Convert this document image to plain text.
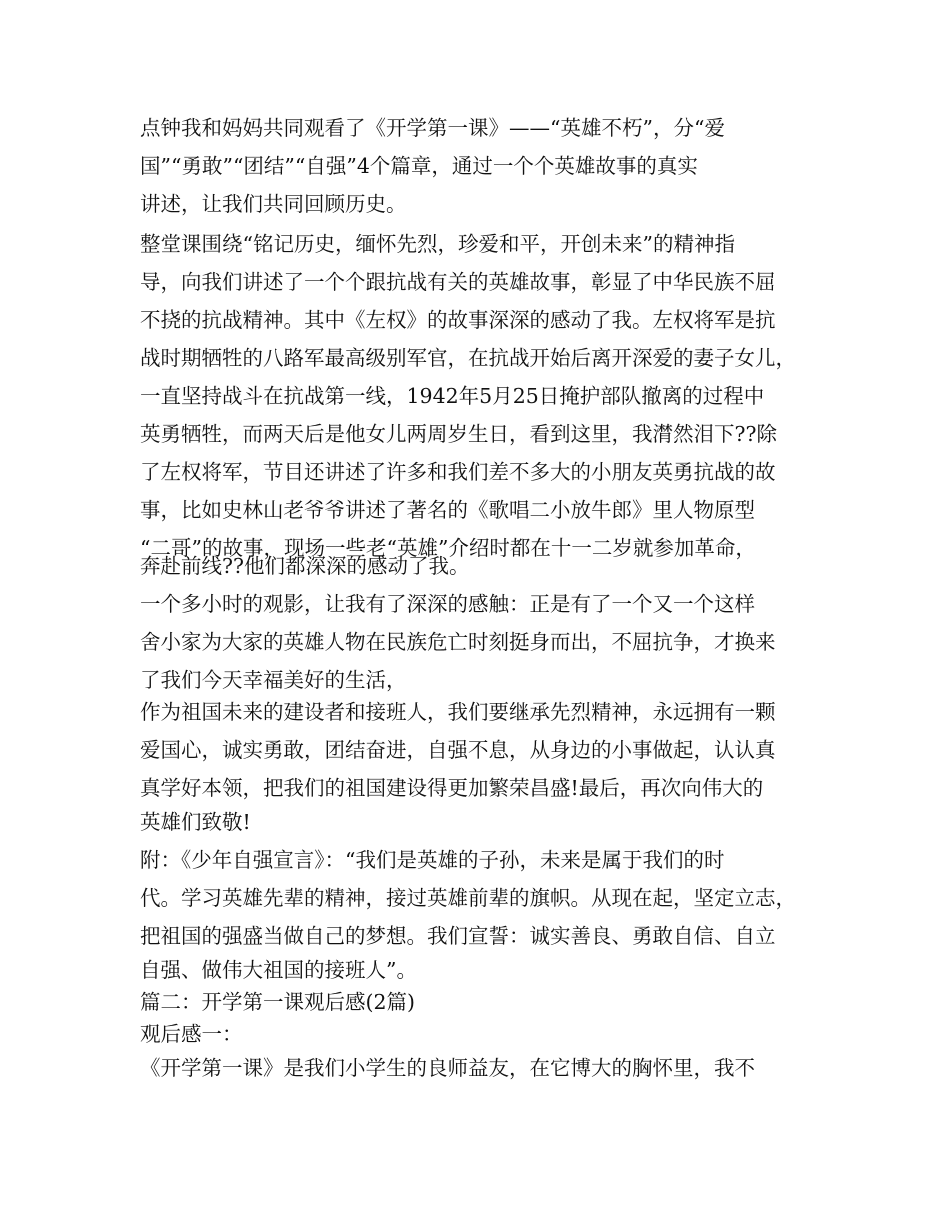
点钟我和妈妈共同观看了《开学第一课》——“英雄不朽”，分“爱

国”“勇敢”“团结”“自强”4个篇章，通过一个个英雄故事的真实

讲述，让我们共同回顾历史。

整堂课围绕“铭记历史，缅怀先烈，珍爱和平，开创未来”的精神指

导，向我们讲述了一个个跟抗战有关的英雄故事，彰显了中华民族不屈

不挠的抗战精神。其中《左权》的故事深深的感动了我。左权将军是抗

战时期牺牲的八路军最高级别军官，在抗战开始后离开深爱的妻子女儿，

一直坚持战斗在抗战第一线，1942年5月25日掩护部队撤离的过程中

英勇牺牲，而两天后是他女儿两周岁生日，看到这里，我潸然泪下??除

了左权将军，节目还讲述了许多和我们差不多大的小朋友英勇抗战的故

事，比如史林山老爷爷讲述了著名的《歌唱二小放牛郎》里人物原型

“二哥”的故事，现场一些老“英雄”介绍时都在十一二岁就参加革命，

奔赴前线??他们都深深的感动了我。

一个多小时的观影，让我有了深深的感触：正是有了一个又一个这样

舍小家为大家的英雄人物在民族危亡时刻挺身而出，不屈抗争，才换来

了我们今天幸福美好的生活，

作为祖国未来的建设者和接班人，我们要继承先烈精神，永远拥有一颗

爱国心，诚实勇敢，团结奋进，自强不息，从身边的小事做起，认认真

真学好本领，把我们的祖国建设得更加繁荣昌盛!最后，再次向伟大的

英雄们致敬!

附：《少年自强宣言》：“我们是英雄的子孙，未来是属于我们的时

代。学习英雄先辈的精神，接过英雄前辈的旗帜。从现在起，坚定立志，

把祖国的强盛当做自己的梦想。我们宣誓：诚实善良、勇敢自信、自立

自强、做伟大祖国的接班人”。

篇二：开学第一课观后感(2篇)

观后感一：

《开学第一课》是我们小学生的良师益友，在它博大的胸怀里，我不
